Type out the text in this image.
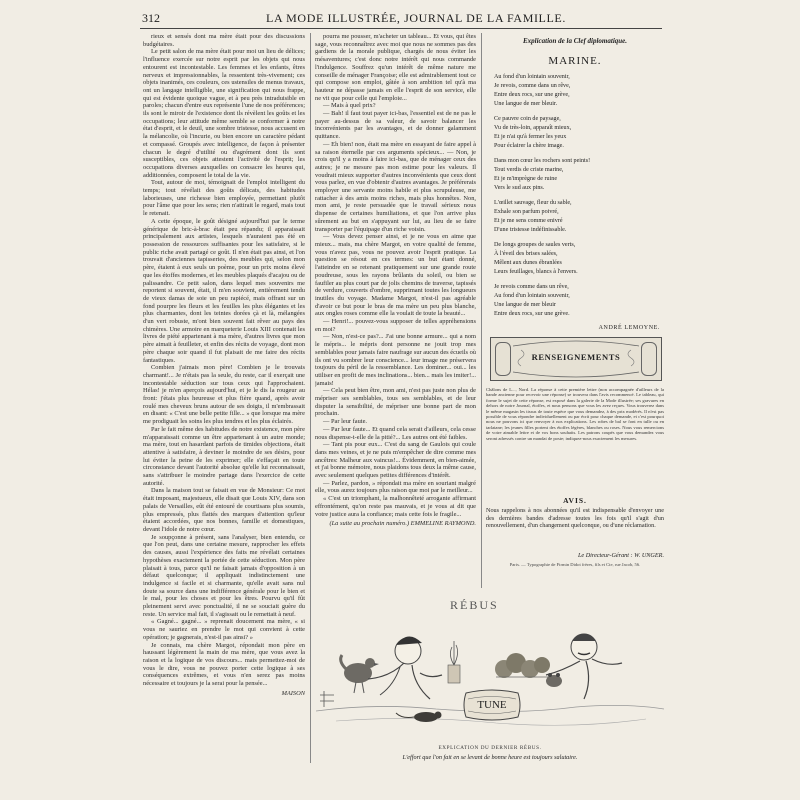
312	LA MODE ILLUSTRÉE, JOURNAL DE LA FAMILLE.

rieux et sensés dont ma mère était pour des discussions budgétaires.

Le petit salon de ma mère était pour moi un lieu de délices; l'influence exercée sur notre esprit par les objets qui nous entourent est incontestable. Les femmes et les enfants, êtres nerveux et impressionnables, la ressentent très-vivement; ces objets inanimés, ces couleurs, ces ustensiles de menus travaux, ont un langage intelligible, une signification qui nous frappe, qui est évidente quoique vague, et à peu près intraduisible en paroles; chacun d'entre eux représente l'une de nos préférences; ils sont le miroir de l'existence dont ils révèlent les goûts et les occupations; leur attitude même semble se conformer à notre état d'esprit, et le deuil, une sombre tristesse, nous accusent en la mélancolie, où l'incurie, ou bien encore un caractère pédant et compassé. Groupés avec intelligence, de façon à présenter chacun le degré d'utilité ou d'agrément dont ils sont susceptibles, ces objets attestent l'activité de l'esprit; les occupations diverses auxquelles on consacre les heures qui, additionnées, composent le total de la vie.

Tout, autour de moi, témoignait de l'emploi intelligent du temps; tout révélait des goûts délicats, des habitudes laborieuses, une richesse bien employée, permettant plutôt pour l'âme que pour les sens; rien n'attirait le regard, mais tout le retenait.

A cette époque, le goût désigné aujourd'hui par le terme générique de bric-à-brac était peu répandu; il apparaissait principalement aux artistes, lesquels n'auraient pas été en possession de ressources suffisantes pour les satisfaire, si le public riche avait partagé ce goût. Il n'en était pas ainsi, et l'on trouvait d'anciennes tapisseries, des meubles qui, selon mon père, étaient à eux seuls un poème, pour un prix moins élevé que les étoffes modernes, et les meubles plaqués d'acajou ou de palissandre. Ce petit salon, dans lequel mes souvenirs me reportent si souvent, était, il m'en souvient, entièrement tendu de vieux damas de soie un peu rapiécé, mais offrant sur un fond pourpre les fleurs et les feuilles les plus élégantes et les plus charmantes, dont les teintes dorées çà et là, mélangées d'un vert robuste, m'ont bien souvent fait rêver au pays des chimères. Une armoire en marqueterie Louis XIII contenait les livres de piété appartenant à ma mère, d'autres livres que mon père aimait à feuilleter, et enfin des récits de voyage, dont mon père chaque soir quand il fut plaisait de me faire des récits fantastiques.

Combien j'aimais mon père! Combien je le trouvais charmant!... Je n'étais pas la seule, du reste, car il exerçait une incontestable séduction sur tous ceux qui l'approchaient. Hélas! je m'en aperçois aujourd'hui, et je le dis la rougeur au front: j'étais plus heureuse et plus fière quand, après avoir roulé mes cheveux bruns autour de ses doigts, il m'embrassait en disant: « C'est une belle petite fille... » que lorsque ma mère me prodiguait les soins les plus tendres et les plus éclairés.

Par le fait même des habitudes de notre existence, mon père m'apparaissait comme un être appartenant à un autre monde; ma mère, tout en hasardant parfois de timides objections, était attentive à satisfaire, à deviner le moindre de ses désirs, pour lui éviter la peine de les exprimer; elle s'effaçait en toute circonstance devant l'autorité absolue qu'elle lui reconnaissait, sans s'attribuer le moindre partage dans l'exercice de cette autorité.

Dans la maison tout se faisait en vue de Monsieur: Ce mot était imposant, majestueux, elle disait que Louis XIV, dans son palais de Versailles, eût été entouré de courtisans plus soumis, plus empressés, plus flattés des marques d'attention qu'leur étaient accordées, que nos bonnes, famille et domestiques, devant l'idole de notre cœur.

Je soupçonne à présent, sans l'analyser, bien entendu, ce que l'on peut, dans une certaine mesure, rapprocher les effets des causes, aussi l'expérience des faits me révélait certaines hypothèses exactement la portée de cette séduction. Mon père plaisait à tous, parce qu'il ne faisait jamais d'opposition à un défaut quelconque; il appliquait indistinctement une indulgence si facile et si charmante, qu'elle avait sans nul doute sa source dans une indifférence générale pour le bien et le mal, pour les choses et pour les êtres. Pourvu qu'il fût pleinement servi avec ponctualité, il ne se souciait guère du reste. Un service mal fait, il s'agissait ou le remettait à neuf.

« Gagné... gagné... » reprenait doucement ma mère, « si vous ne sauriez en prendre le mot qui convient à cette opération; je gagnerais, n'est-il pas ainsi? »

Je connais, ma chère Margot, répondait mon père en haussant légèrement la main de ma mère, que vous avez la raison et la logique de vos discours... mais permettez-moi de vous le dire, vous ne pouvez porter cette logique à ses conséquences extrêmes, et vous n'en serez pas moins nécessaire et toujours je la serai pour la pensée...

MAISON

pourra me pousser, m'acheter un tableau... Et vous, qui êtes sage, vous reconnaîtrez avec moi que nous ne sommes pas des gardiens de la morale publique, chargés de nous éviter les mésaventures; c'est donc notre intérêt qui nous commande l'indulgence. Souffrez qu'un intérêt de même nature me conseille de ménager Françoise; elle est admirablement tout ce qui compose son emploi, gâtée à son ambition tel qu'à ma hauteur ne dépasse jamais en elle l'esprit de son service, elle ne vit que pour celle qui l'emploie...

— Mais à quel prix?

— Bah! il faut tout payer ici-bas, l'essentiel est de ne pas le payer au-dessus de sa valeur, de savoir balancer les inconvénients par les avantages, et de donner galamment quittance.

— Eh bien! non, était ma mère en essayant de faire appel à sa raison éternelle par ces arguments spécieux... — Non, je crois qu'il y a moins à faire ici-bas, que de ménager ceux des autres; je ne mesure pas mon estime pour les valeurs. Il voudrait mieux supporter d'autres inconvénients que ceux dont vous parlez, en vue d'obtenir d'autres avantages. Je préférerais employer une servante moins habile et plus scrupuleuse, me rattacher à des amis moins riches, mais plus honnêtes. Non, mon ami, je reste persuadée que le travail sérieux nous dispense de certaines humiliations, et que l'on arrive plus sûrement au but en s'appuyant sur lui, au lieu de se faire transporter par l'équipage d'un riche voisin.

— Vous devez penser ainsi, et je ne vous en aime que mieux... mais, ma chère Margot, en votre qualité de femme, vous n'avez pas, vous ne pouvez avoir l'esprit pratique. La question se résout en ces termes: un but étant donné, l'atteindre en se retenant pratiquement sur une grande route poudreuse, sous les rayons brûlants du soleil, ou bien se faufiler au plus court par de jolis chemins de traverse, tapissés de verdure, couverts d'ombre, supprimant toutes les longueurs inutiles du voyage. Madame Margot, n'est-il pas agréable d'avoir ce but pour le bras de ma mère un peu plus blanche, aux ongles roses comme elle la voulait de toute la beauté...

— Henri!... pouvez-vous supposer de telles appréhensions en moi?

— Non, n'est-ce pas?... J'ai une bonne armure... qui a nom le mépris... le mépris dont personne ne jouit trop mes semblables pour jamais faire naufrage sur aucun des écueils où ils ont vu sombrer leur conscience... leur image me préservera toujours du péril de la ressemblance. Les dominer... oui... les utiliser en profit de mes inclinations... bien... mais les imiter!... jamais!

— Cela peut bien être, mon ami, n'est pas juste non plus de mépriser ses semblables, tous ses semblables, et de leur disputer la sensibilité, de mépriser une bonne part de mon prochain.

— Par leur faute.

— Par leur faute... Et quand cela serait d'ailleurs, cela cesse nous dispense-t-elle de la pitié?... Les autres ont été faibles.

— Tant pis pour eux... C'est du sang de Gaulois qui coule dans mes veines, et je ne puis m'empêcher de dire comme mes ancêtres: Malheur aux vaincus!... Évidemment, en bien-aimée, et j'ai bonne mémoire, nous plaidons tous deux la même cause, avec seulement quelques petites différences d'intérêt.

— Parlez, pardon, » répondait ma mère en souriant malgré elle, vous aurez toujours plus raison que moi par le meilleur...

« C'est un triomphant, la malhonnêteté arrogante affirmant effrontément, qu'on reste pas mauvais, et je vous ai dit que votre justice aura la confiance; mais cette fois le fragile...

(La suite au prochain numéro.) EMMELINE RAYMOND.

Explication de la Clef diplomatique.
MARINE.
Au fond d'un lointain souvenir,
Je revois, comme dans un rêve,
Entre deux rocs, sur une grève,
Une langue de mer bleuir.
Ce pauvre coin de paysage,
Vu de très-loin, apparaît mieux,
Et je n'ai qu'à fermer les yeux
Pour éclairer la chère image.
Dans mon cœur les rochers sont peints!
Tout verdis de criste marine,
Et je m'imprègne de ruine
Vers le sud aux pins.
L'œillet sauvage, fleur du sable,
Exhale son parfum poivré,
Et je me sens comme enivré
D'une tristesse indéfinissable.
De longs groupes de saules verts,
À l'éveil des brises salées,
Mêlent aux dunes ébranlées
Leurs feuillages, blancs à l'envers.
Je revois comme dans un rêve,
Au fond d'un lointain souvenir,
Une langue de mer bleuir
Entre deux rocs, sur une grève.
ANDRÉ LEMOYNE.
RENSEIGNEMENTS
Châlons de L..., Nord. La réponse à cette première lettre (non accompagnée d'ailleurs de la bande ancienne pour recevoir une réponse) se trouvera dans l'avis recommencé. Le tableau, qui forme le sujet de cette réponse, est exposé dans la galerie de la Mode illustrée; ses gravures en dehors de notre Journal, étoffes, et nous pensons que vous les avez reçues. Vous trouverez dans le même magasin les tissus de toute espèce que vous demandez, à des prix modérés. Il n'est pas possible de vous répondre individuellement ou par écrit pour chaque demande, et c'est pourquoi nous ne pouvons ici que renvoyer à nos explications. Les robes de bal se font en tulle ou en tarlatane; les jeunes filles portent des étoffes légères, blanches ou roses. Nous vous remercions de votre aimable lettre et de vos bons souhaits. Les patrons coupés que vous demandez vous seront adressés contre un mandat de poste; indiquez-nous exactement les mesures.
AVIS.
Nous rappelons à nos abonnées qu'il est indispensable d'envoyer une des dernières bandes d'adresse toutes les fois qu'il s'agit d'un renouvellement, d'un changement quelconque, ou d'une réclamation.
Le Directeur-Gérant : W. UNGER.
Paris. — Typographie de Firmin Didot frères, fils et Cie, rue Jacob, 56.
RÉBUS
TUNE
EXPLICATION DU DERNIER RÉBUS.
L'effort que l'on fait en se levant de bonne heure est toujours salutaire.
